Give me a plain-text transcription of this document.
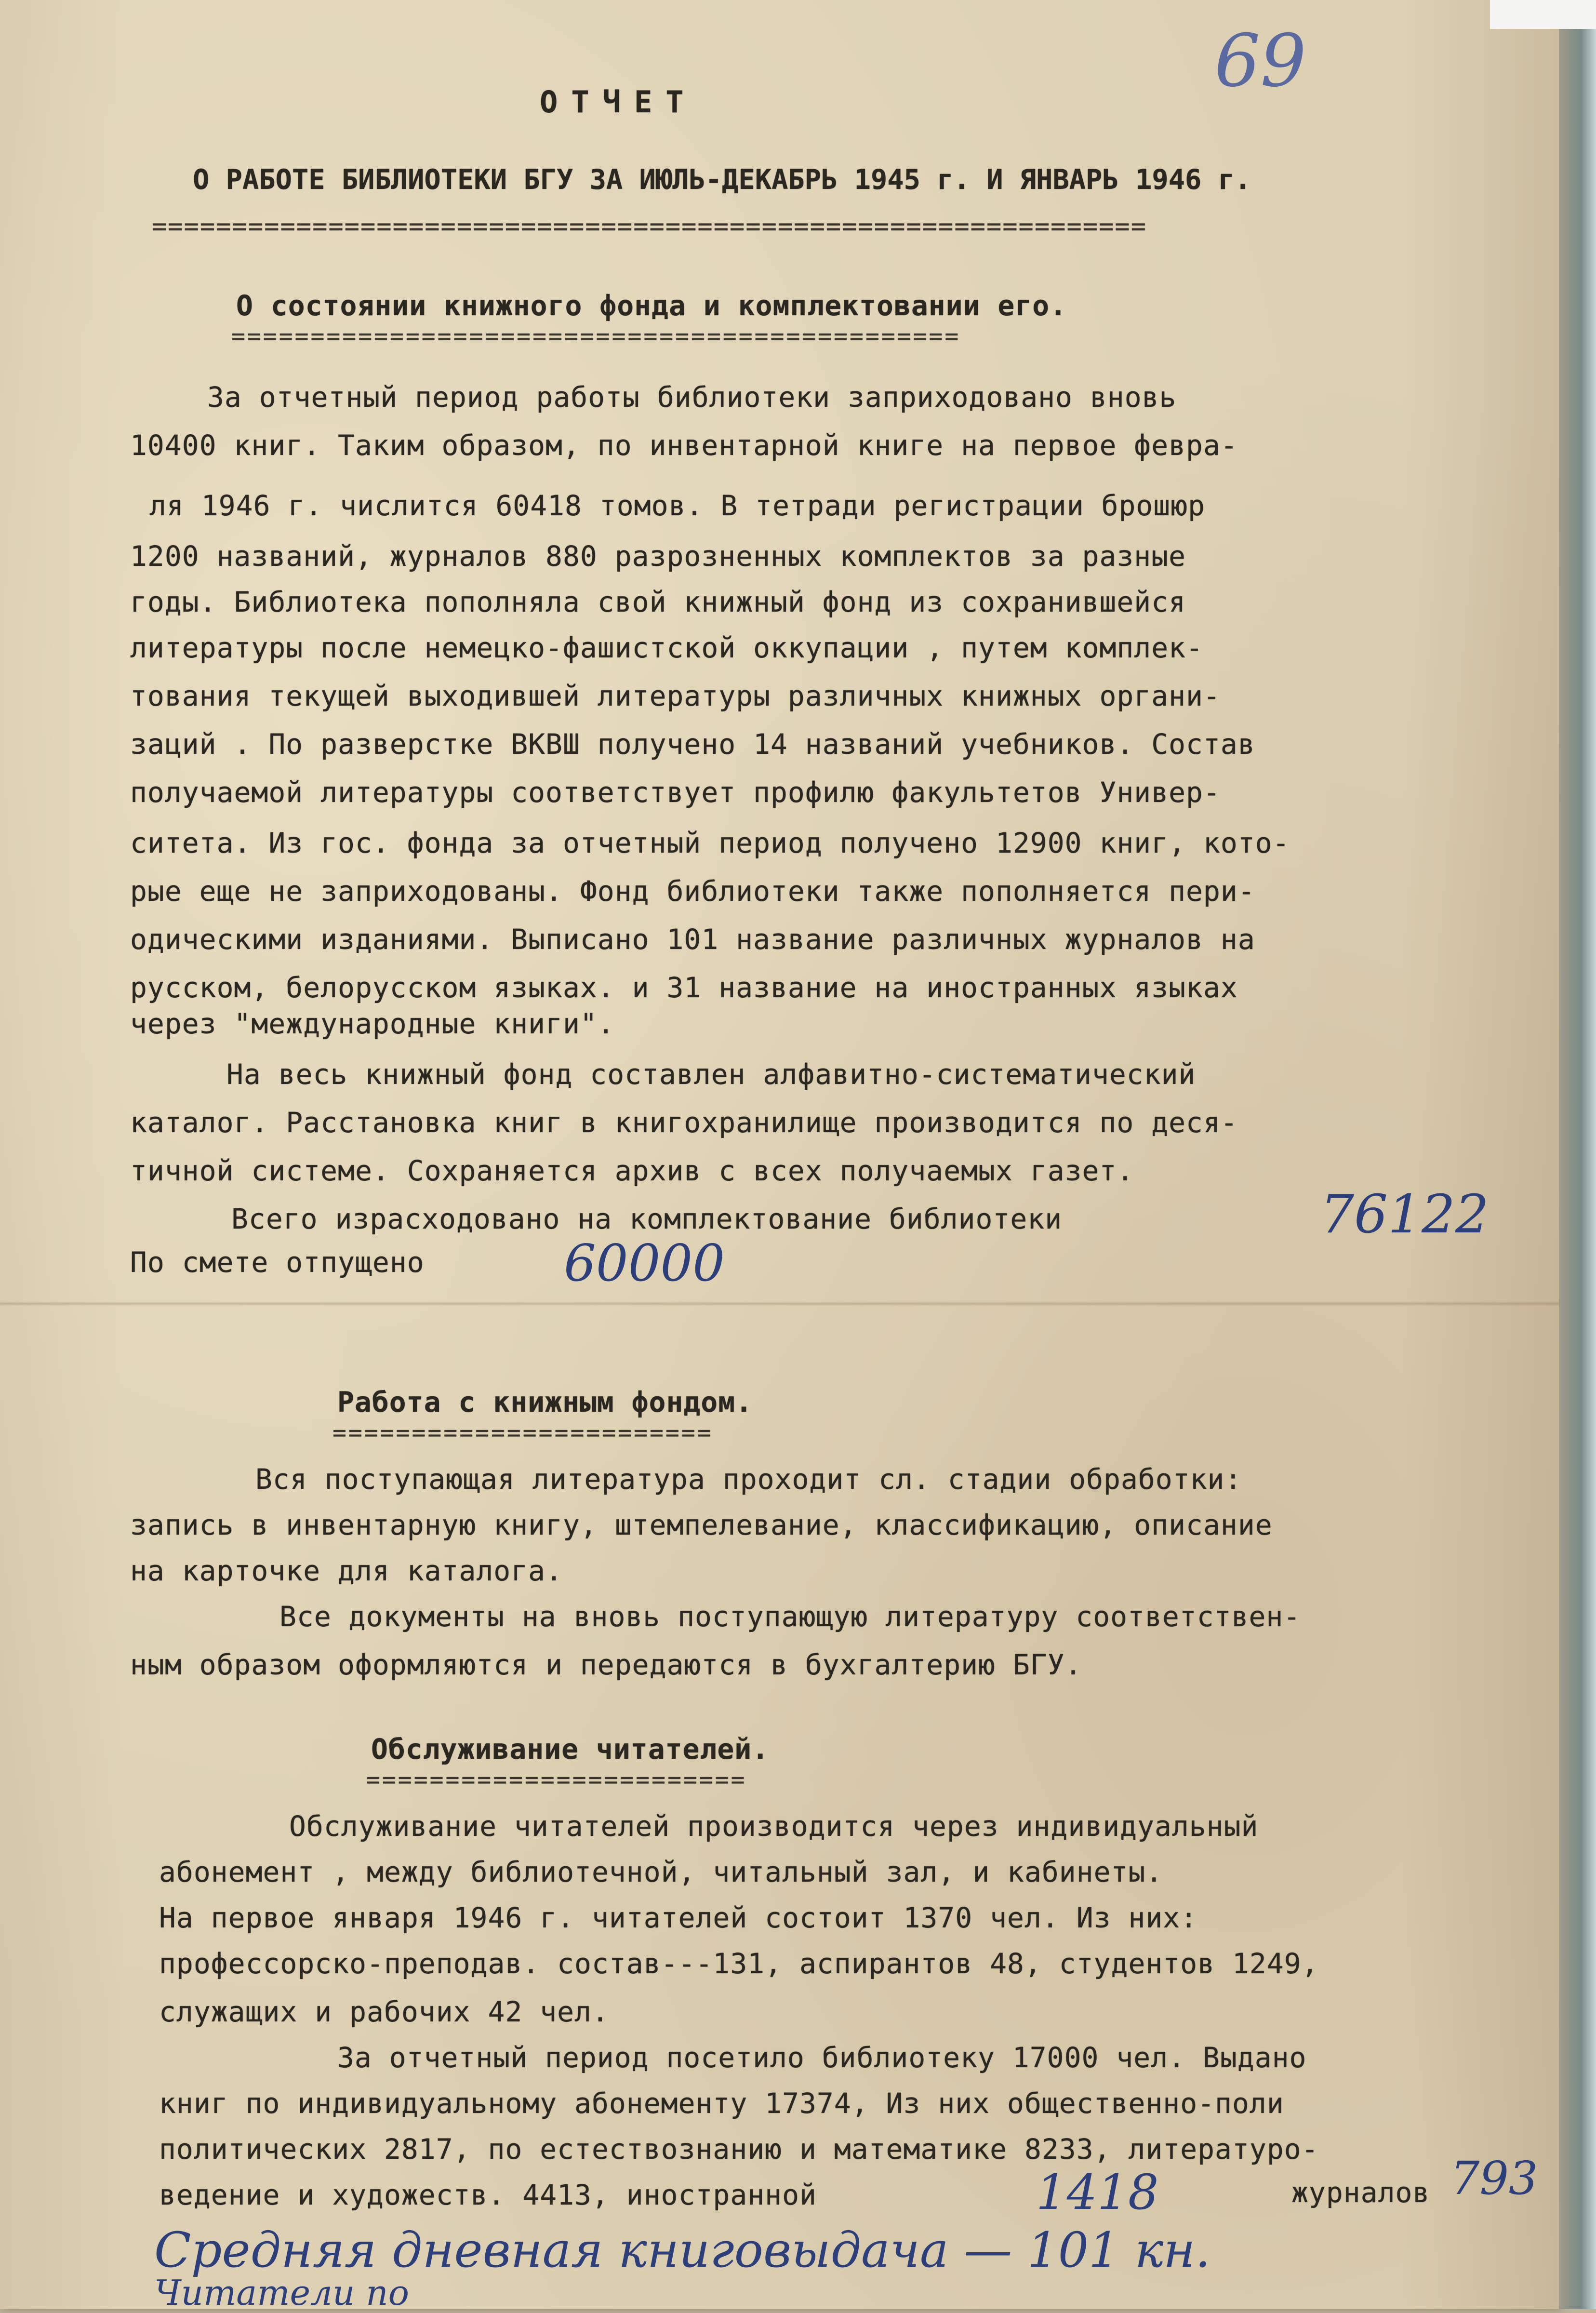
69
ОТЧЕТ
О РАБОТЕ БИБЛИОТЕКИ БГУ ЗА ИЮЛЬ-ДЕКАБРЬ 1945 г. И ЯНВАРЬ 1946 г.
==============================================================
О состоянии книжного фонда и комплектовании его.
==============================================
За отчетный период работы библиотеки заприходовано вновь
10400 книг. Таким образом, по инвентарной книге на первое февра-
ля 1946 г. числится 60418 томов. В тетради регистрации брошюр
1200 названий, журналов 880 разрозненных комплектов за разные
годы. Библиотека пополняла свой книжный фонд из сохранившейся
литературы после немецко-фашистской оккупации , путем комплек-
тования текущей выходившей литературы различных книжных органи-
заций . По разверстке ВКВШ получено 14 названий учебников. Состав
получаемой литературы соответствует профилю факультетов Универ-
ситета. Из гос. фонда за отчетный период получено 12900 книг, кото-
рые еще не заприходованы. Фонд библиотеки также пополняется пери-
одическими изданиями. Выписано 101 название различных журналов на
русском, белорусском языках. и 31 название на иностранных языках
через "международные книги".
На весь книжный фонд составлен алфавитно-систематический
каталог. Расстановка книг в книгохранилище производится по деся-
тичной системе. Сохраняется архив с всех получаемых газет.
Всего израсходовано на комплектование библиотеки	76122
По смете отпущено	60000
Работа с книжным фондом.
========================
Вся поступающая литература проходит сл. стадии обработки:
запись в инвентарную книгу, штемпелевание, классификацию, описание
на карточке для каталога.
Все документы на вновь поступающую литературу соответствен-
ным образом оформляются и передаются в бухгалтерию БГУ.
Обслуживание читателей.
========================
Обслуживание читателей производится через индивидуальный
абонемент , между библиотечной, читальный зал, и кабинеты.
На первое января 1946 г. читателей состоит 1370 чел. Из них:
профессорско-преподав. состав---131, аспирантов 48, студентов 1249,
служащих и рабочих 42 чел.
За отчетный период посетило библиотеку 17000 чел. Выдано
книг по индивидуальному абонементу 17374, Из них общественно-поли
политических 2817, по естествознанию и математике 8233, литературо-
ведение и художеств. 4413, иностранной	1418	журналов 793
Средняя дневная книговыдача — 101 кн.
Читатели по
